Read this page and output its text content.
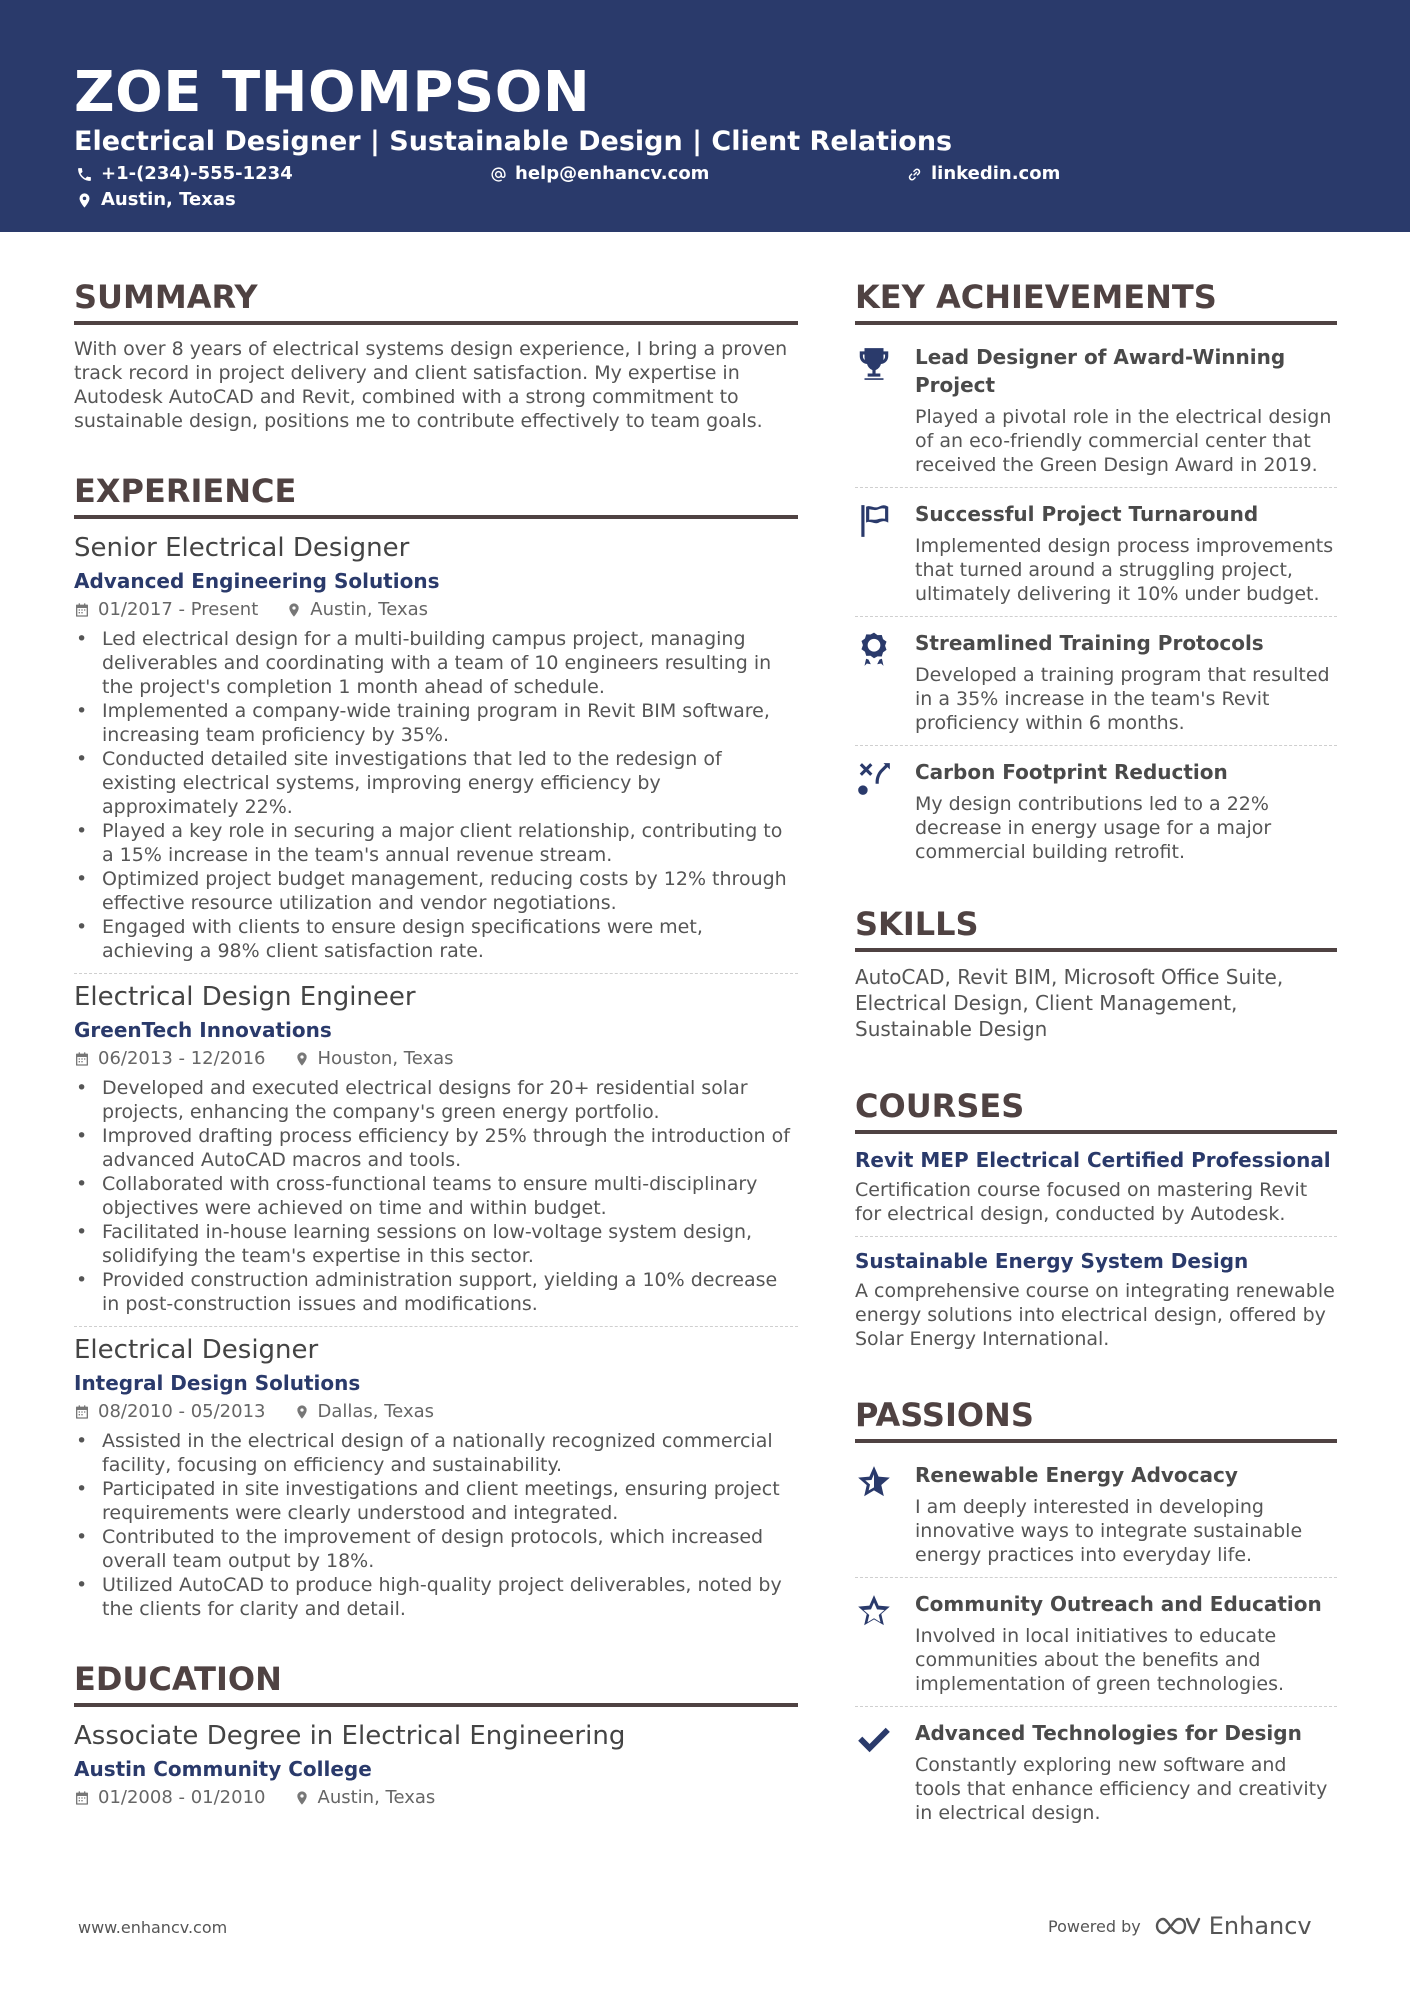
ZOE THOMPSON
Electrical Designer | Sustainable Design | Client Relations
+1-(234)-555-1234	help@enhancv.com	linkedin.com
Austin, Texas
SUMMARY
With over 8 years of electrical systems design experience, I bring a proven track record in project delivery and client satisfaction. My expertise in Autodesk AutoCAD and Revit, combined with a strong commitment to sustainable design, positions me to contribute effectively to team goals.
EXPERIENCE
Senior Electrical Designer
Advanced Engineering Solutions
01/2017 - Present	Austin, Texas
• Led electrical design for a multi-building campus project, managing deliverables and coordinating with a team of 10 engineers resulting in the project's completion 1 month ahead of schedule.
• Implemented a company-wide training program in Revit BIM software, increasing team proficiency by 35%.
• Conducted detailed site investigations that led to the redesign of existing electrical systems, improving energy efficiency by approximately 22%.
• Played a key role in securing a major client relationship, contributing to a 15% increase in the team's annual revenue stream.
• Optimized project budget management, reducing costs by 12% through effective resource utilization and vendor negotiations.
• Engaged with clients to ensure design specifications were met, achieving a 98% client satisfaction rate.
Electrical Design Engineer
GreenTech Innovations
06/2013 - 12/2016	Houston, Texas
• Developed and executed electrical designs for 20+ residential solar projects, enhancing the company's green energy portfolio.
• Improved drafting process efficiency by 25% through the introduction of advanced AutoCAD macros and tools.
• Collaborated with cross-functional teams to ensure multi-disciplinary objectives were achieved on time and within budget.
• Facilitated in-house learning sessions on low-voltage system design, solidifying the team's expertise in this sector.
• Provided construction administration support, yielding a 10% decrease in post-construction issues and modifications.
Electrical Designer
Integral Design Solutions
08/2010 - 05/2013	Dallas, Texas
• Assisted in the electrical design of a nationally recognized commercial facility, focusing on efficiency and sustainability.
• Participated in site investigations and client meetings, ensuring project requirements were clearly understood and integrated.
• Contributed to the improvement of design protocols, which increased overall team output by 18%.
• Utilized AutoCAD to produce high-quality project deliverables, noted by the clients for clarity and detail.
EDUCATION
Associate Degree in Electrical Engineering
Austin Community College
01/2008 - 01/2010	Austin, Texas
KEY ACHIEVEMENTS
Lead Designer of Award-Winning Project
Played a pivotal role in the electrical design of an eco-friendly commercial center that received the Green Design Award in 2019.
Successful Project Turnaround
Implemented design process improvements that turned around a struggling project, ultimately delivering it 10% under budget.
Streamlined Training Protocols
Developed a training program that resulted in a 35% increase in the team's Revit proficiency within 6 months.
Carbon Footprint Reduction
My design contributions led to a 22% decrease in energy usage for a major commercial building retrofit.
SKILLS
AutoCAD, Revit BIM, Microsoft Office Suite, Electrical Design, Client Management, Sustainable Design
COURSES
Revit MEP Electrical Certified Professional
Certification course focused on mastering Revit for electrical design, conducted by Autodesk.
Sustainable Energy System Design
A comprehensive course on integrating renewable energy solutions into electrical design, offered by Solar Energy International.
PASSIONS
Renewable Energy Advocacy
I am deeply interested in developing innovative ways to integrate sustainable energy practices into everyday life.
Community Outreach and Education
Involved in local initiatives to educate communities about the benefits and implementation of green technologies.
Advanced Technologies for Design
Constantly exploring new software and tools that enhance efficiency and creativity in electrical design.
www.enhancv.com	Powered by	Enhancv
